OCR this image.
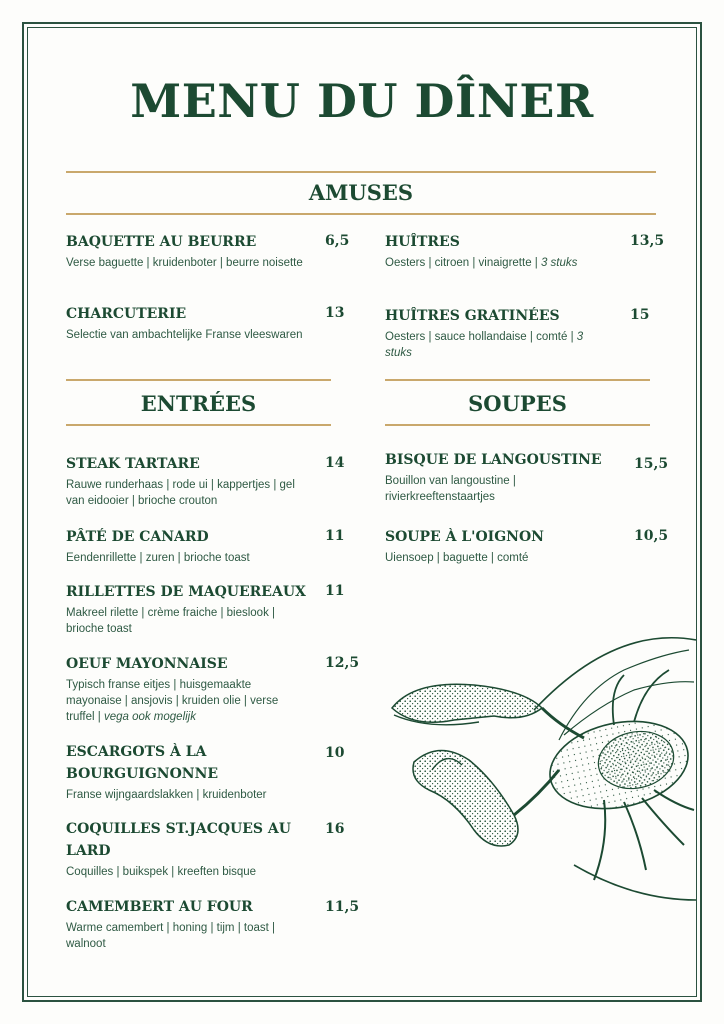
MENU DU DÎNER
AMUSES

BAQUETTE AU BEURRE

Verse baguette | kruidenboter | beurre noisette

6,5

CHARCUTERIE

Selectie van ambachtelijke Franse vleeswaren

13

HUÎTRES

Oesters | citroen | vinaigrette | 3 stuks

13,5

HUÎTRES GRATINÉES

Oesters | sauce hollandaise | comté | 3 stuks

15
ENTRÉES	SOUPES

STEAK TARTARE

Rauwe runderhaas | rode ui | kappertjes | gel van eidooier | brioche crouton

14

PÂTÉ DE CANARD

Eendenrillette | zuren | brioche toast

11

RILLETTES DE MAQUEREAUX

Makreel rilette | crème fraiche | bieslook | brioche toast

11

OEUF MAYONNAISE

Typisch franse eitjes | huisgemaakte mayonaise | ansjovis | kruiden olie | verse truffel | vega ook mogelijk

12,5

ESCARGOTS À LA BOURGUIGNONNE

Franse wijngaardslakken | kruidenboter

10

COQUILLES ST.JACQUES AU LARD

Coquilles | buikspek | kreeften bisque

16

CAMEMBERT AU FOUR

Warme camembert | honing | tijm | toast | walnoot

11,5

BISQUE DE LANGOUSTINE

Bouillon van langoustine | rivierkreeftenstaartjes

15,5

SOUPE À L'OIGNON

Uiensoep | baguette | comté

10,5
